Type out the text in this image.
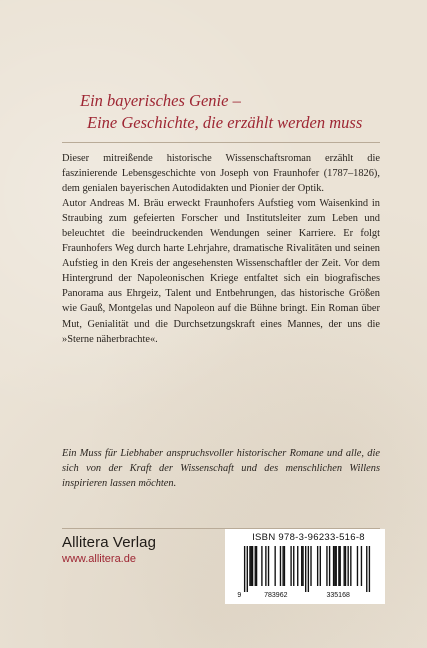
Ein bayerisches Genie –
Eine Geschichte, die erzählt werden muss

Dieser mitreißende historische Wissenschaftsroman erzählt die faszinierende Lebensgeschichte von Joseph von Fraunhofer (1787–1826), dem genialen bayerischen Autodidakten und Pionier der Optik.

Autor Andreas M. Bräu erweckt Fraunhofers Aufstieg vom Waisenkind in Straubing zum gefeierten Forscher und Institutsleiter zum Leben und beleuchtet die beeindruckenden Wendungen seiner Karriere. Er folgt Fraunhofers Weg durch harte Lehrjahre, dramatische Rivalitäten und seinen Aufstieg in den Kreis der angesehensten Wissenschaftler der Zeit. Vor dem Hintergrund der Napoleonischen Kriege entfaltet sich ein biografisches Panorama aus Ehrgeiz, Talent und Entbehrungen, das historische Größen wie Gauß, Montgelas und Napoleon auf die Bühne bringt. Ein Roman über Mut, Genialität und die Durchsetzungskraft eines Mannes, der uns die »Sterne näherbrachte«.

Ein Muss für Liebhaber anspruchsvoller historischer Romane und alle, die sich von der Kraft der Wissenschaft und des menschlichen Willens inspirieren lassen möchten.
Allitera Verlag
www.allitera.de
ISBN 978-3-96233-516-8
9	783962	335168
